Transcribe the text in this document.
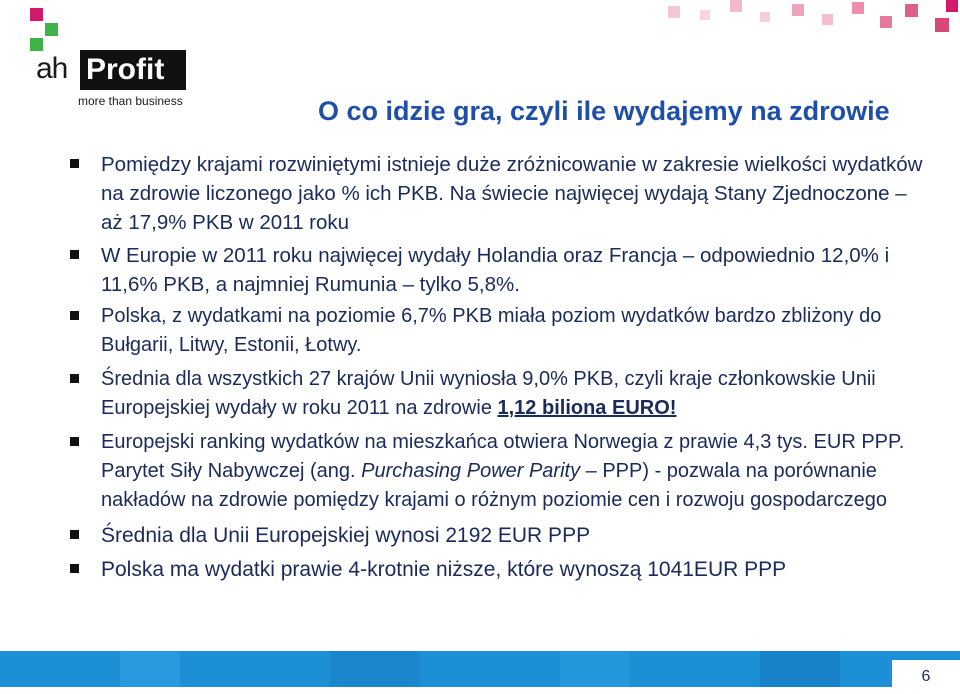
ah Profit
more than business	O co idzie gra, czyli ile wydajemy na zdrowie
Pomiędzy krajami rozwiniętymi istnieje duże zróżnicowanie w zakresie wielkości wydatków na zdrowie liczonego jako % ich PKB. Na świecie najwięcej wydają Stany Zjednoczone – aż 17,9% PKB w 2011 roku
W Europie w 2011 roku najwięcej wydały Holandia oraz Francja – odpowiednio 12,0% i 11,6% PKB, a najmniej Rumunia – tylko 5,8%.
Polska, z wydatkami na poziomie 6,7% PKB miała poziom wydatków bardzo zbliżony do Bułgarii, Litwy, Estonii, Łotwy.
Średnia dla wszystkich 27 krajów Unii wyniosła 9,0% PKB, czyli kraje członkowskie Unii Europejskiej wydały w roku 2011 na zdrowie 1,12 biliona EURO!
Europejski ranking wydatków na mieszkańca otwiera Norwegia z prawie 4,3 tys. EUR PPP. Parytet Siły Nabywczej (ang. Purchasing Power Parity – PPP) - pozwala na porównanie nakładów na zdrowie pomiędzy krajami o różnym poziomie cen i rozwoju gospodarczego
Średnia dla Unii Europejskiej wynosi 2192 EUR PPP
Polska ma wydatki prawie 4-krotnie niższe, które wynoszą 1041EUR PPP
6
